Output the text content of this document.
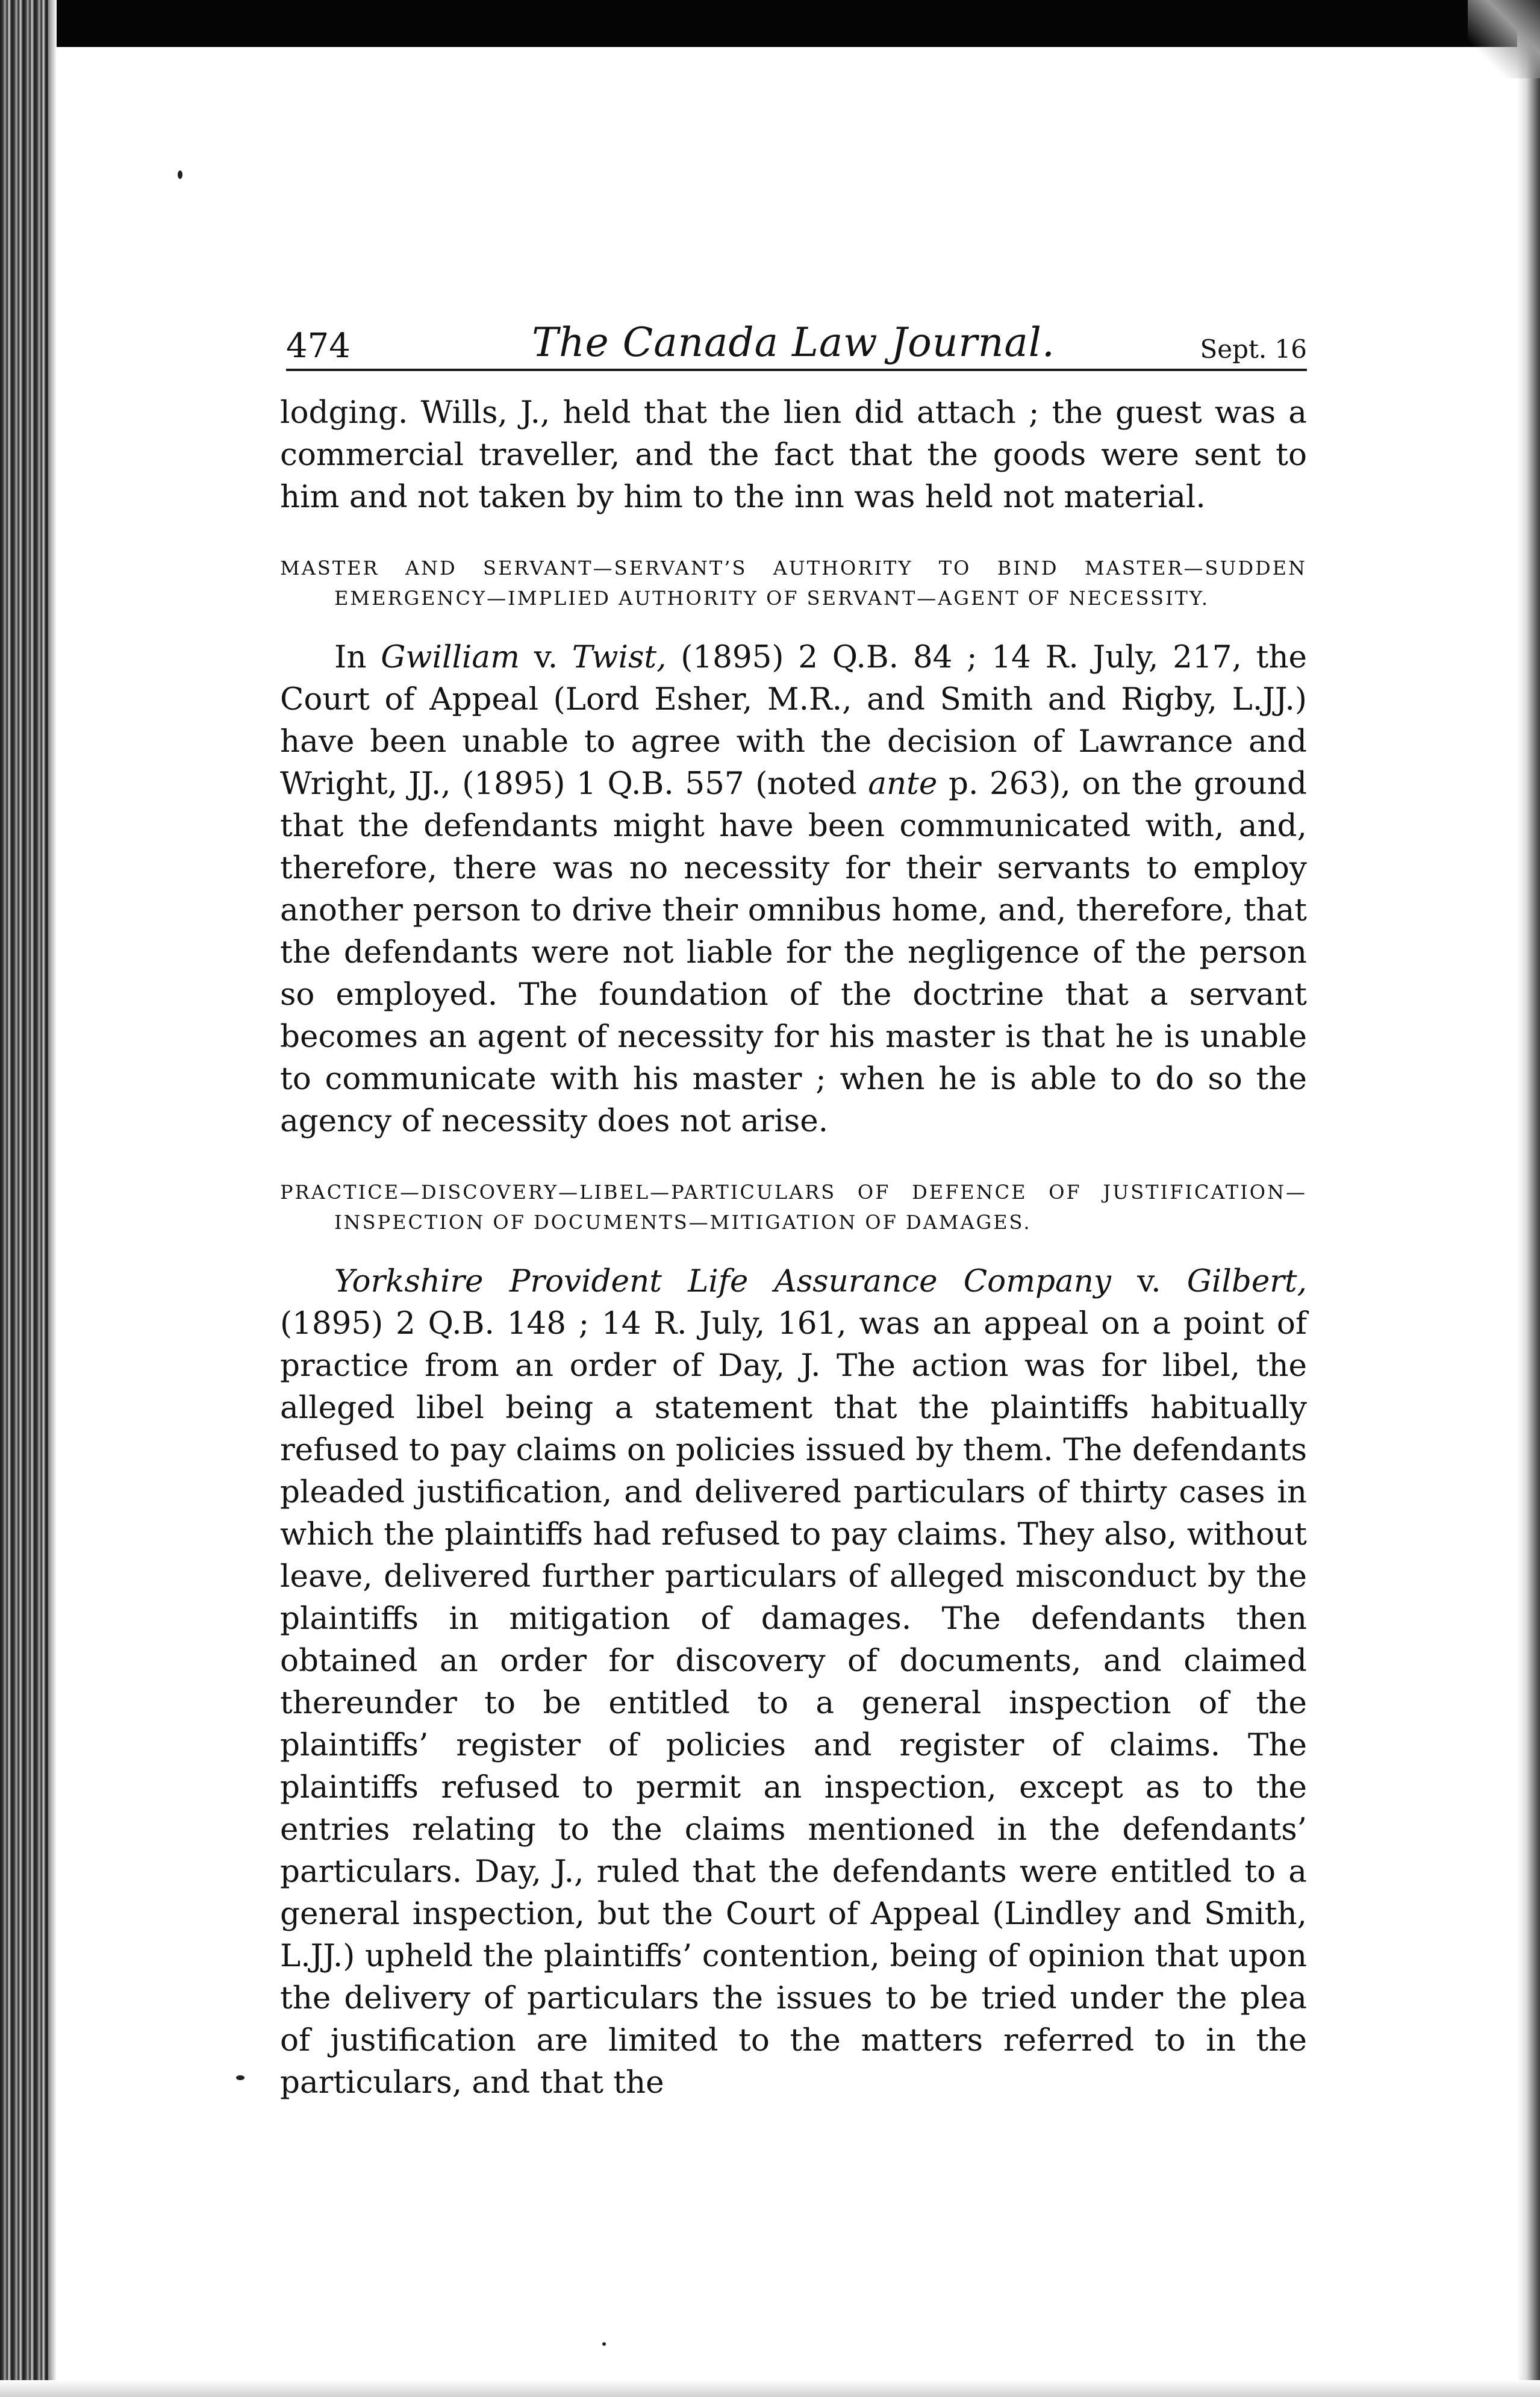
474	The Canada Law Journal.	Sept. 16

lodging. Wills, J., held that the lien did attach ; the guest was a commercial traveller, and the fact that the goods were sent to him and not taken by him to the inn was held not material.

MASTER AND SERVANT—SERVANT’S AUTHORITY TO BIND MASTER—SUDDEN EMERGENCY—IMPLIED AUTHORITY OF SERVANT—AGENT OF NECESSITY.

In Gwilliam v. Twist, (1895) 2 Q.B. 84 ; 14 R. July, 217, the Court of Appeal (Lord Esher, M.R., and Smith and Rigby, L.JJ.) have been unable to agree with the decision of Lawrance and Wright, JJ., (1895) 1 Q.B. 557 (noted ante p. 263), on the ground that the defendants might have been communicated with, and, therefore, there was no necessity for their servants to employ another person to drive their omnibus home, and, therefore, that the defendants were not liable for the negligence of the person so employed. The foundation of the doctrine that a servant becomes an agent of necessity for his master is that he is unable to communicate with his master ; when he is able to do so the agency of necessity does not arise.

PRACTICE—DISCOVERY—LIBEL—PARTICULARS OF DEFENCE OF JUSTIFICATION—INSPECTION OF DOCUMENTS—MITIGATION OF DAMAGES.

Yorkshire Provident Life Assurance Company v. Gilbert, (1895) 2 Q.B. 148 ; 14 R. July, 161, was an appeal on a point of practice from an order of Day, J. The action was for libel, the alleged libel being a statement that the plaintiffs habitually refused to pay claims on policies issued by them. The defendants pleaded justification, and delivered particulars of thirty cases in which the plaintiffs had refused to pay claims. They also, without leave, delivered further particulars of alleged misconduct by the plaintiffs in mitigation of damages. The defendants then obtained an order for discovery of documents, and claimed thereunder to be entitled to a general inspection of the plaintiffs’ register of policies and register of claims. The plaintiffs refused to permit an inspection, except as to the entries relating to the claims mentioned in the defendants’ particulars. Day, J., ruled that the defendants were entitled to a general inspection, but the Court of Appeal (Lindley and Smith, L.JJ.) upheld the plaintiffs’ contention, being of opinion that upon the delivery of particulars the issues to be tried under the plea of justification are limited to the matters referred to in the particulars, and that the
